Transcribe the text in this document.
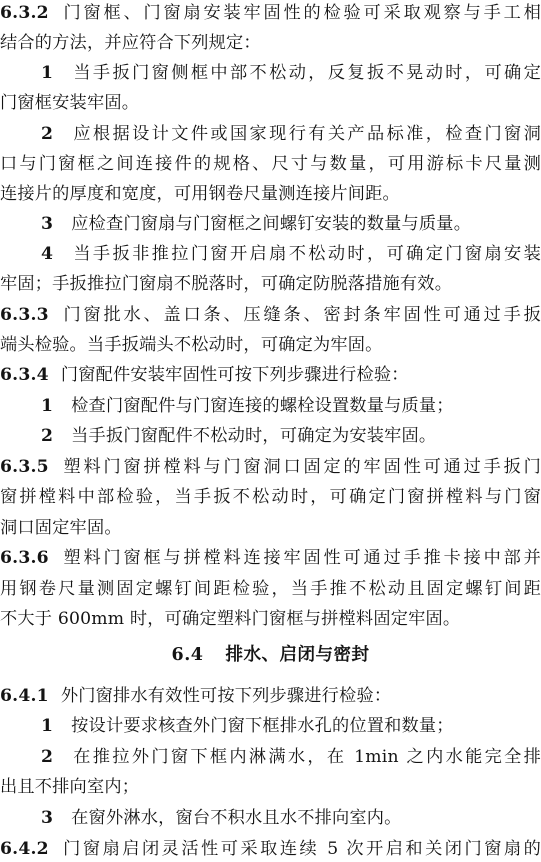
6.3.2 门窗框、门窗扇安装牢固性的检验可采取观察与手工相
结合的方法，并应符合下列规定：
1 当手扳门窗侧框中部不松动，反复扳不晃动时，可确定
门窗框安装牢固。
2 应根据设计文件或国家现行有关产品标准，检查门窗洞
口与门窗框之间连接件的规格、尺寸与数量，可用游标卡尺量测
连接片的厚度和宽度，可用钢卷尺量测连接片间距。
3 应检查门窗扇与门窗框之间螺钉安装的数量与质量。
4 当手扳非推拉门窗开启扇不松动时，可确定门窗扇安装
牢固；手扳推拉门窗扇不脱落时，可确定防脱落措施有效。
6.3.3 门窗批水、盖口条、压缝条、密封条牢固性可通过手扳
端头检验。当手扳端头不松动时，可确定为牢固。
6.3.4 门窗配件安装牢固性可按下列步骤进行检验：
1 检查门窗配件与门窗连接的螺栓设置数量与质量；
2 当手扳门窗配件不松动时，可确定为安装牢固。
6.3.5 塑料门窗拼樘料与门窗洞口固定的牢固性可通过手扳门
窗拼樘料中部检验，当手扳不松动时，可确定门窗拼樘料与门窗
洞口固定牢固。
6.3.6 塑料门窗框与拼樘料连接牢固性可通过手推卡接中部并
用钢卷尺量测固定螺钉间距检验，当手推不松动且固定螺钉间距
不大于 600mm 时，可确定塑料门窗框与拼樘料固定牢固。
6.4 排水、启闭与密封
6.4.1 外门窗排水有效性可按下列步骤进行检验：
1 按设计要求核查外门窗下框排水孔的位置和数量；
2 在推拉外门窗下框内淋满水，在 1min 之内水能完全排
出且不排向室内；
3 在窗外淋水，窗台不积水且水不排向室内。
6.4.2 门窗扇启闭灵活性可采取连续 5 次开启和关闭门窗扇的
